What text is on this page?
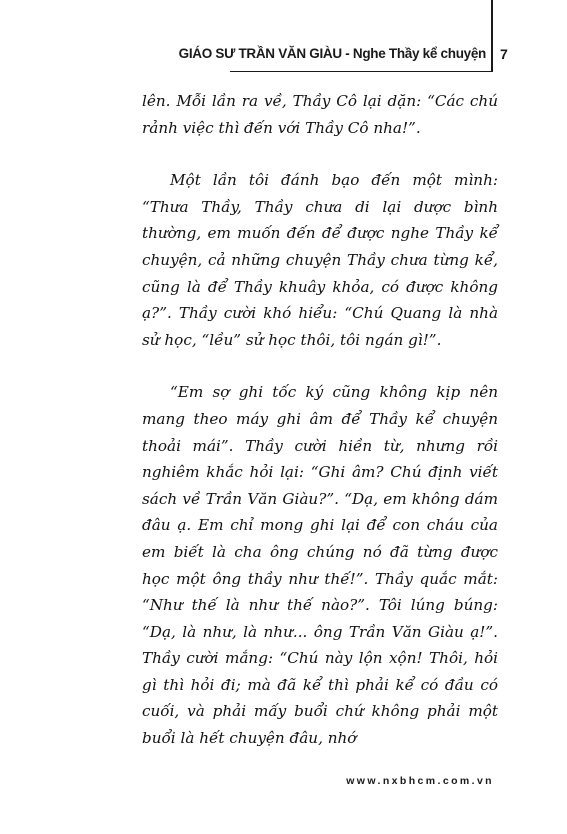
GIÁO SƯ TRẦN VĂN GIÀU - Nghe Thầy kể chuyện 7

lên. Mỗi lần ra về, Thầy Cô lại dặn: “Các chú rảnh việc thì đến với Thầy Cô nha!”.

Một lần tôi đánh bạo đến một mình: “Thưa Thầy, Thầy chưa di lại dược bình thường, em muốn đến để được nghe Thầy kể chuyện, cả những chuyện Thầy chưa từng kể, cũng là để Thầy khuây khỏa, có được không ạ?”. Thầy cười khó hiểu: “Chú Quang là nhà sử học, “lều” sử học thôi, tôi ngán gì!”.

“Em sợ ghi tốc ký cũng không kịp nên mang theo máy ghi âm để Thầy kể chuyện thoải mái”. Thầy cười hiền từ, nhưng rồi nghiêm khắc hỏi lại: “Ghi âm? Chú định viết sách về Trần Văn Giàu?”. “Dạ, em không dám đâu ạ. Em chỉ mong ghi lại để con cháu của em biết là cha ông chúng nó đã từng được học một ông thầy như thế!”. Thầy quắc mắt: “Như thế là như thế nào?”. Tôi lúng búng: “Dạ, là như, là như... ông Trần Văn Giàu ạ!”. Thầy cười mắng: “Chú này lộn xộn! Thôi, hỏi gì thì hỏi đi; mà đã kể thì phải kể có đầu có cuối, và phải mấy buổi chứ không phải một buổi là hết chuyện đâu, nhớ

www.nxbhcm.com.vn
